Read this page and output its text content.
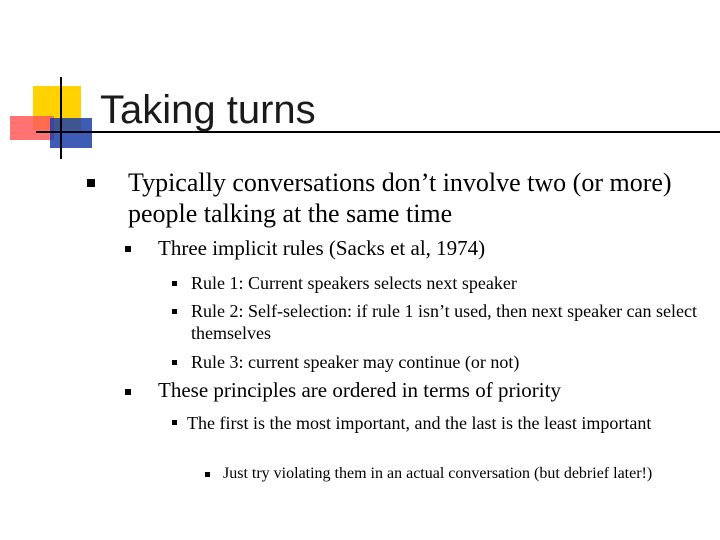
Taking turns

Typically conversations don’t involve two (or more) people talking at the same time

Three implicit rules (Sacks et al, 1974)

Rule 1: Current speakers selects next speaker

Rule 2: Self-selection: if rule 1 isn’t used, then next speaker can select themselves

Rule 3: current speaker may continue (or not)

These principles are ordered in terms of priority

The first is the most important, and the last is the least important

Just try violating them in an actual conversation (but debrief later!)
